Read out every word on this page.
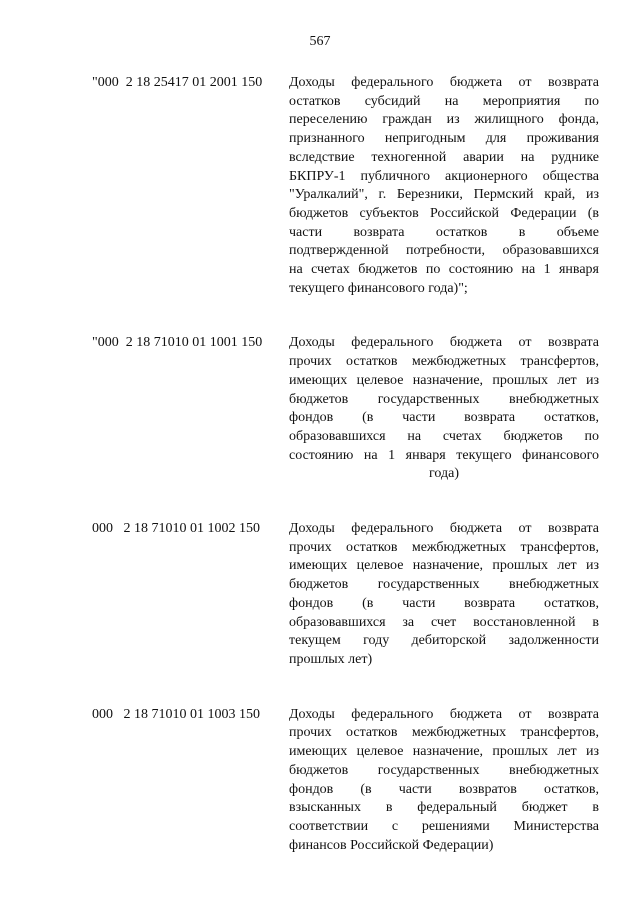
567
"000  2 18 25417 01 2001 150	Доходы федерального бюджета от возврата
остатков субсидий на мероприятия по
переселению граждан из жилищного фонда,
признанного непригодным для проживания
вследствие техногенной аварии на руднике
БКПРУ-1 публичного акционерного общества
"Уралкалий", г. Березники, Пермский край, из
бюджетов субъектов Российской Федерации (в
части возврата остатков в объеме
подтвержденной потребности, образовавшихся
на счетах бюджетов по состоянию на 1 января
текущего финансового года)";
"000  2 18 71010 01 1001 150	Доходы федерального бюджета от возврата
прочих остатков межбюджетных трансфертов,
имеющих целевое назначение, прошлых лет из
бюджетов государственных внебюджетных
фондов (в части возврата остатков,
образовавшихся на счетах бюджетов по
состоянию на 1 января текущего финансового
года)
000   2 18 71010 01 1002 150	Доходы федерального бюджета от возврата
прочих остатков межбюджетных трансфертов,
имеющих целевое назначение, прошлых лет из
бюджетов государственных внебюджетных
фондов (в части возврата остатков,
образовавшихся за счет восстановленной в
текущем году дебиторской задолженности
прошлых лет)
000   2 18 71010 01 1003 150	Доходы федерального бюджета от возврата
прочих остатков межбюджетных трансфертов,
имеющих целевое назначение, прошлых лет из
бюджетов государственных внебюджетных
фондов (в части возвратов остатков,
взысканных в федеральный бюджет в
соответствии с решениями Министерства
финансов Российской Федерации)
